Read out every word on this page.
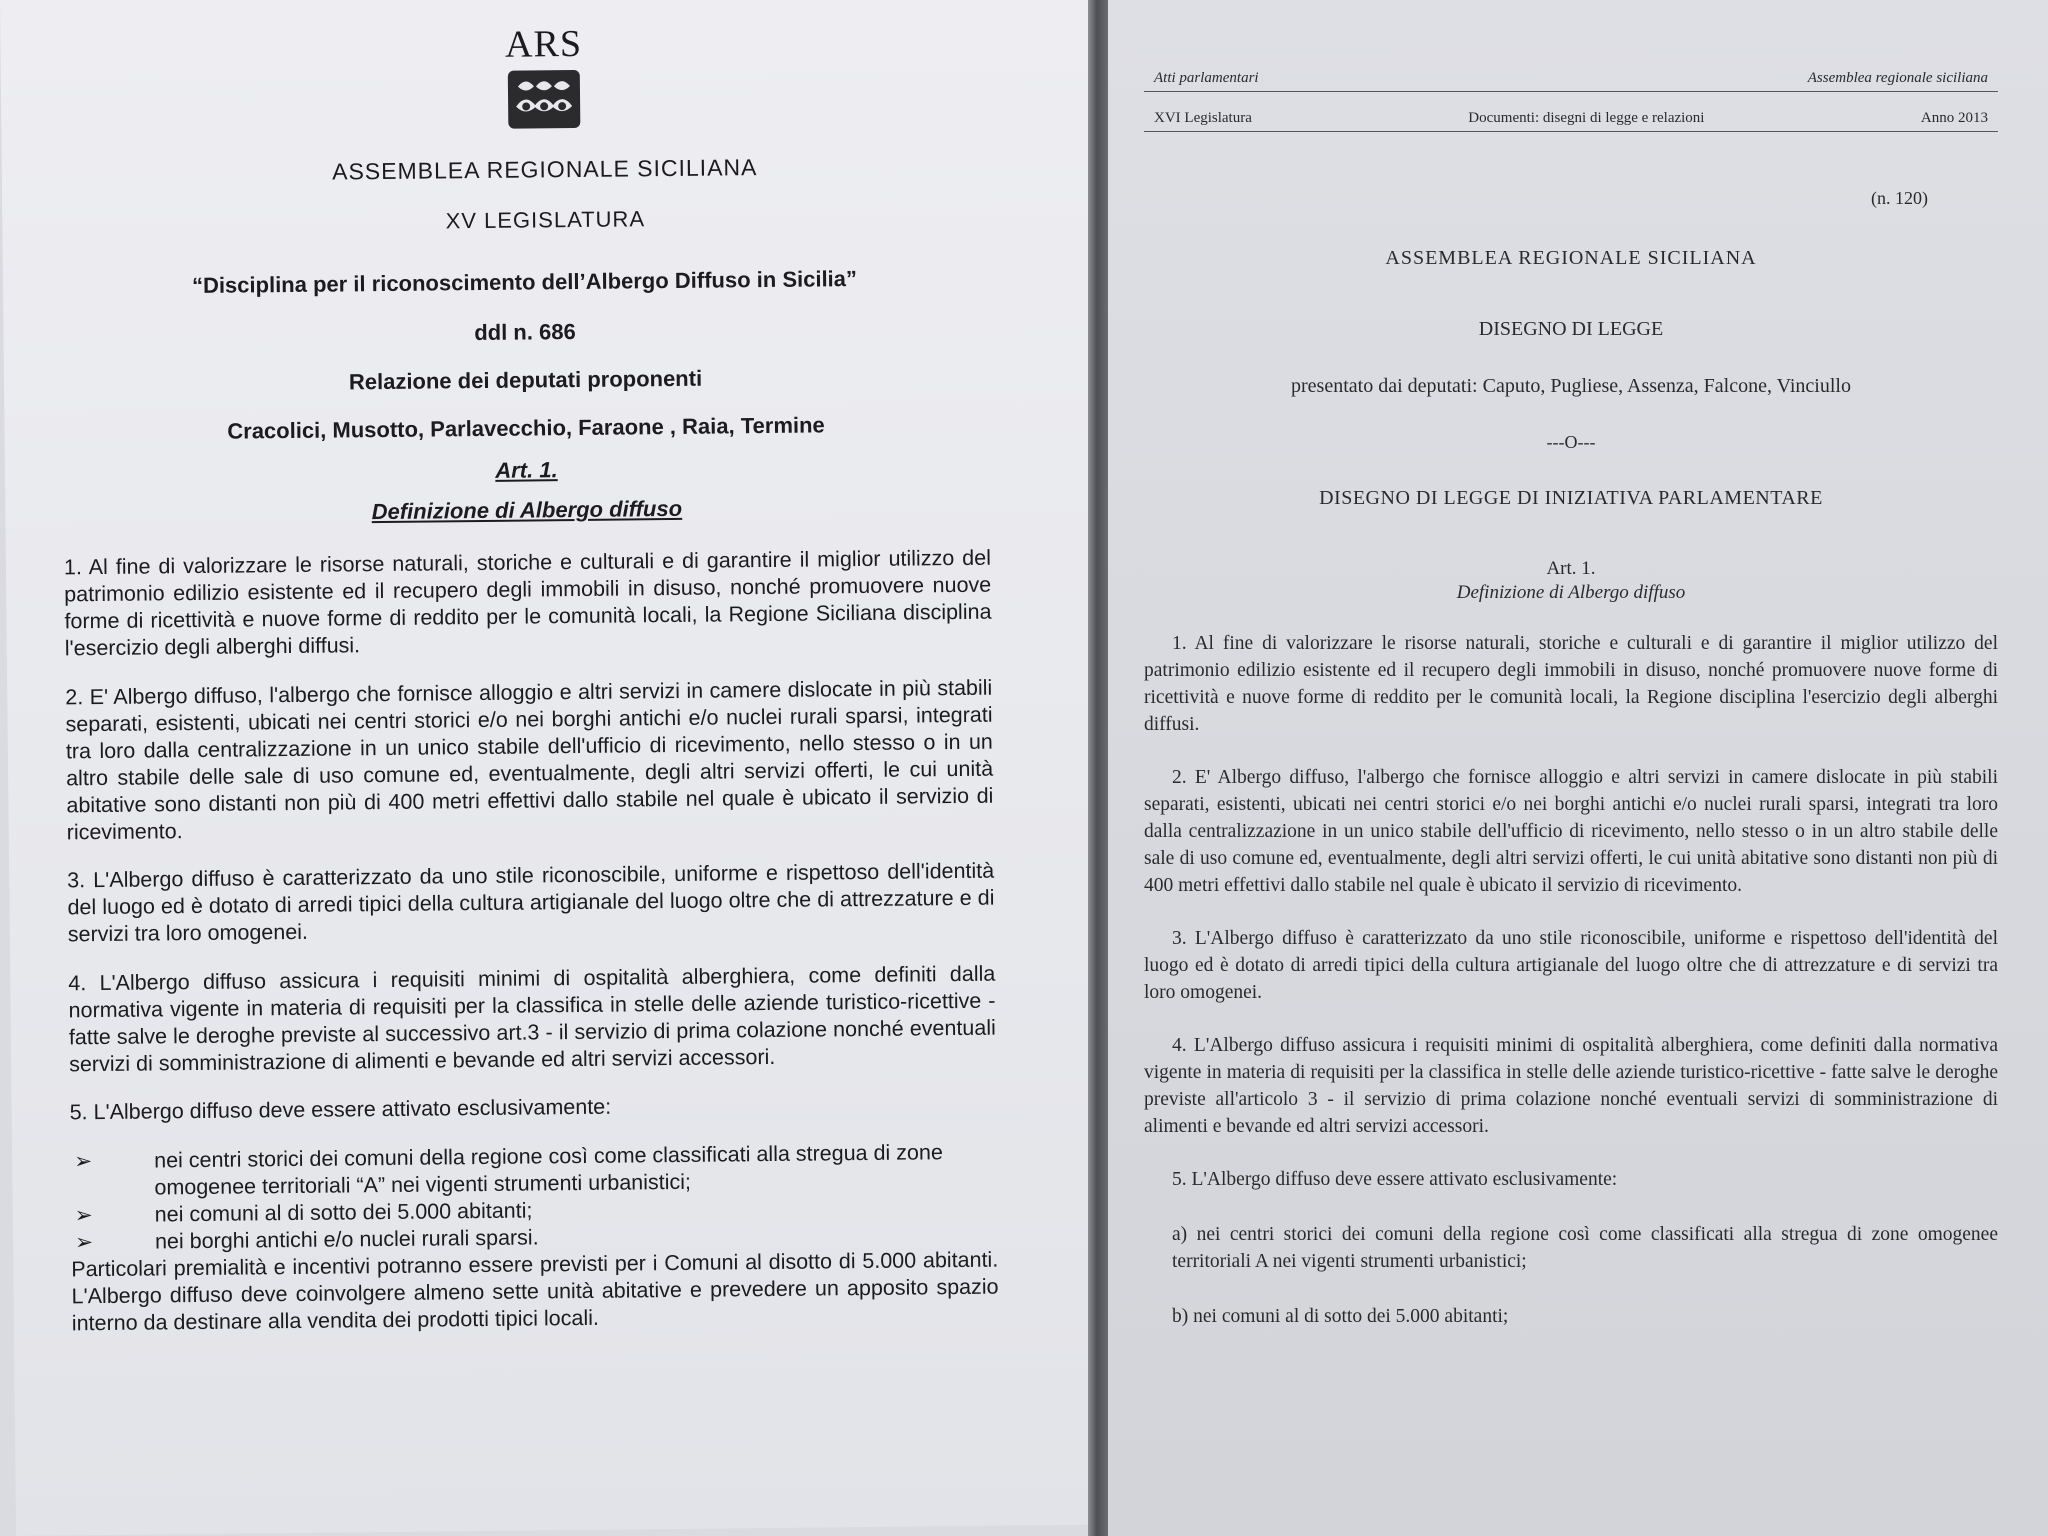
ARS
ASSEMBLEA REGIONALE SICILIANA
XV LEGISLATURA
“Disciplina per il riconoscimento dell’Albergo Diffuso in Sicilia”
ddl n. 686
Relazione dei deputati proponenti
Cracolici, Musotto, Parlavecchio, Faraone , Raia, Termine
Art. 1.
Definizione di Albergo diffuso

1. Al fine di valorizzare le risorse naturali, storiche e culturali e di garantire il miglior utilizzo del patrimonio edilizio esistente ed il recupero degli immobili in disuso, nonché promuovere nuove forme di ricettività e nuove forme di reddito per le comunità locali, la Regione Siciliana disciplina l'esercizio degli alberghi diffusi.

2. E' Albergo diffuso, l'albergo che fornisce alloggio e altri servizi in camere dislocate in più stabili separati, esistenti, ubicati nei centri storici e/o nei borghi antichi e/o nuclei rurali sparsi, integrati tra loro dalla centralizzazione in un unico stabile dell'ufficio di ricevimento, nello stesso o in un altro stabile delle sale di uso comune ed, eventualmente, degli altri servizi offerti, le cui unità abitative sono distanti non più di 400 metri effettivi dallo stabile nel quale è ubicato il servizio di ricevimento.

3. L'Albergo diffuso è caratterizzato da uno stile riconoscibile, uniforme e rispettoso dell'identità del luogo ed è dotato di arredi tipici della cultura artigianale del luogo oltre che di attrezzature e di servizi tra loro omogenei.

4. L'Albergo diffuso assicura i requisiti minimi di ospitalità alberghiera, come definiti dalla normativa vigente in materia di requisiti per la classifica in stelle delle aziende turistico-ricettive - fatte salve le deroghe previste al successivo art.3 - il servizio di prima colazione nonché eventuali servizi di somministrazione di alimenti e bevande ed altri servizi accessori.

5. L'Albergo diffuso deve essere attivato esclusivamente:

➢	nei centri storici dei comuni della regione così come classificati alla stregua di zone omogenee territoriali “A” nei vigenti strumenti urbanistici;
➢	nei comuni al di sotto dei 5.000 abitanti;
➢	nei borghi antichi e/o nuclei rurali sparsi.
Particolari premialità e incentivi potranno essere previsti per i Comuni al disotto di 5.000 abitanti. L'Albergo diffuso deve coinvolgere almeno sette unità abitative e prevedere un apposito spazio interno da destinare alla vendita dei prodotti tipici locali.
Atti parlamentari	Assemblea regionale siciliana
XVI Legislatura	Documenti: disegni di legge e relazioni	Anno 2013
(n. 120)
ASSEMBLEA REGIONALE SICILIANA
DISEGNO DI LEGGE
presentato dai deputati: Caputo, Pugliese, Assenza, Falcone, Vinciullo
---O---
DISEGNO DI LEGGE DI INIZIATIVA PARLAMENTARE
Art. 1.
Definizione di Albergo diffuso

1. Al fine di valorizzare le risorse naturali, storiche e culturali e di garantire il miglior utilizzo del patrimonio edilizio esistente ed il recupero degli immobili in disuso, nonché promuovere nuove forme di ricettività e nuove forme di reddito per le comunità locali, la Regione disciplina l'esercizio degli alberghi diffusi.

2. E' Albergo diffuso, l'albergo che fornisce alloggio e altri servizi in camere dislocate in più stabili separati, esistenti, ubicati nei centri storici e/o nei borghi antichi e/o nuclei rurali sparsi, integrati tra loro dalla centralizzazione in un unico stabile dell'ufficio di ricevimento, nello stesso o in un altro stabile delle sale di uso comune ed, eventualmente, degli altri servizi offerti, le cui unità abitative sono distanti non più di 400 metri effettivi dallo stabile nel quale è ubicato il servizio di ricevimento.

3. L'Albergo diffuso è caratterizzato da uno stile riconoscibile, uniforme e rispettoso dell'identità del luogo ed è dotato di arredi tipici della cultura artigianale del luogo oltre che di attrezzature e di servizi tra loro omogenei.

4. L'Albergo diffuso assicura i requisiti minimi di ospitalità alberghiera, come definiti dalla normativa vigente in materia di requisiti per la classifica in stelle delle aziende turistico-ricettive - fatte salve le deroghe previste all'articolo 3 - il servizio di prima colazione nonché eventuali servizi di somministrazione di alimenti e bevande ed altri servizi accessori.

5. L'Albergo diffuso deve essere attivato esclusivamente:

a) nei centri storici dei comuni della regione così come classificati alla stregua di zone omogenee territoriali A nei vigenti strumenti urbanistici;

b) nei comuni al di sotto dei 5.000 abitanti;
